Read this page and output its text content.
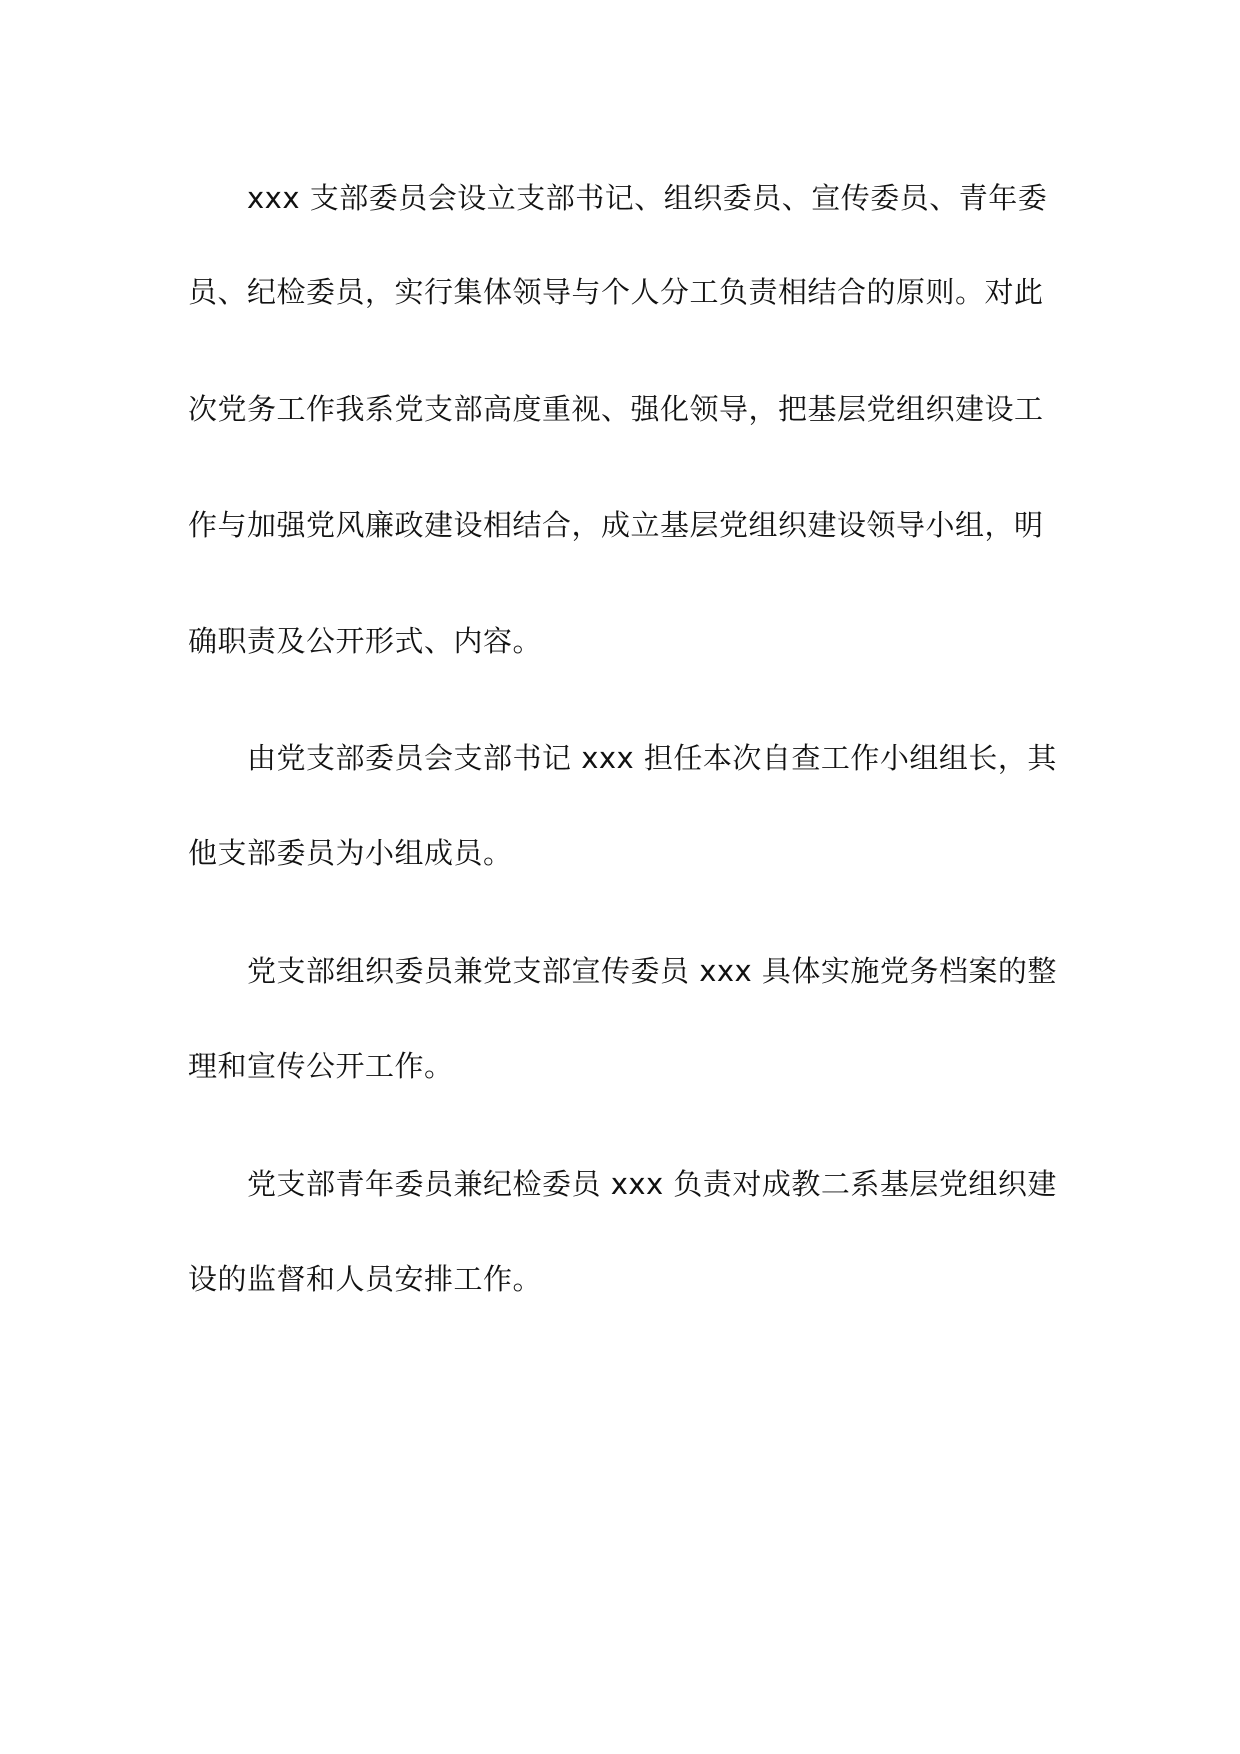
xxx 支部委员会设立支部书记、组织委员、宣传委员、青年委
员、纪检委员，实行集体领导与个人分工负责相结合的原则。对此
次党务工作我系党支部高度重视、强化领导，把基层党组织建设工
作与加强党风廉政建设相结合，成立基层党组织建设领导小组，明
确职责及公开形式、内容。
由党支部委员会支部书记 xxx 担任本次自查工作小组组长，其
他支部委员为小组成员。
党支部组织委员兼党支部宣传委员 xxx 具体实施党务档案的整
理和宣传公开工作。
党支部青年委员兼纪检委员 xxx 负责对成教二系基层党组织建
设的监督和人员安排工作。
